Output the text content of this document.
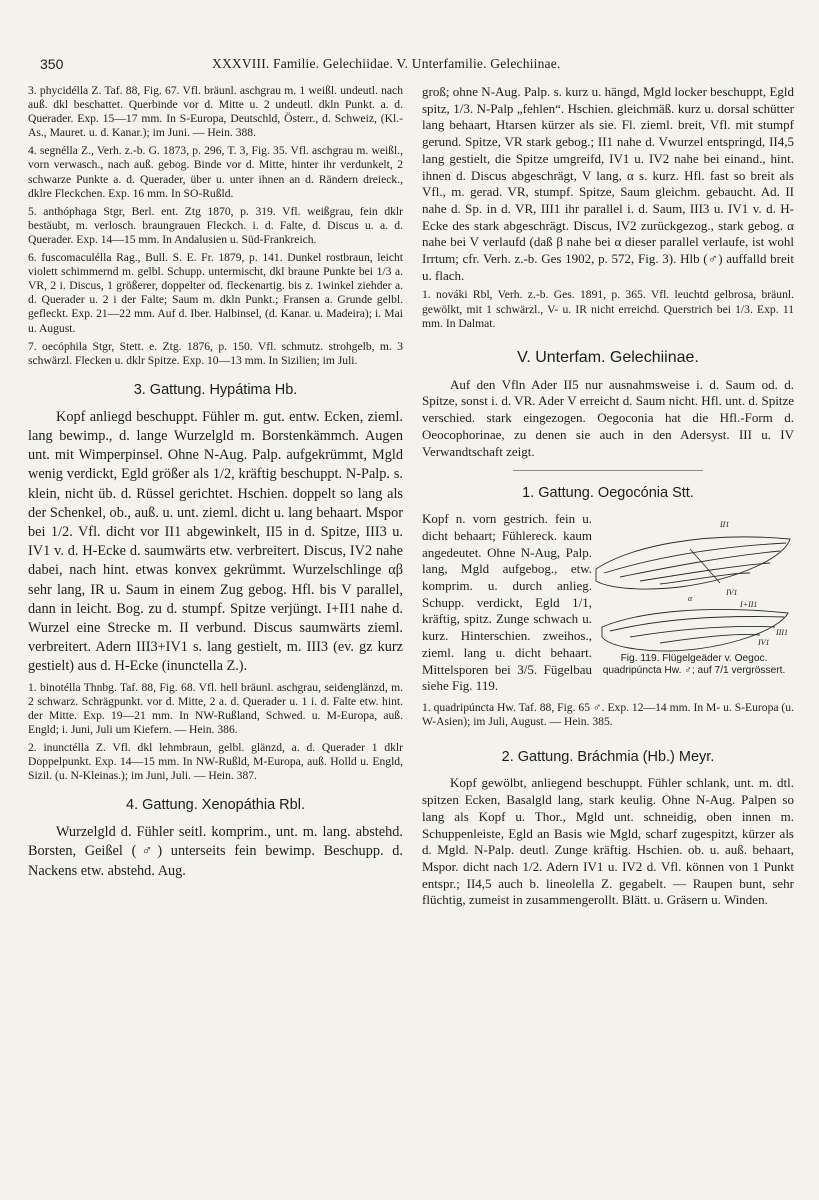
350	XXXVIII. Familie. Gelechiidae. V. Unterfamilie. Gelechiinae.

3. phycidélla Z. Taf. 88, Fig. 67. Vfl. bräunl. aschgrau m. 1 weißl. undeutl. nach auß. dkl beschattet. Querbinde vor d. Mitte u. 2 undeutl. dkln Punkt. a. d. Querader. Exp. 15—17 mm. In S-Europa, Deutschld, Österr., d. Schweiz, (Kl.-As., Mauret. u. d. Kanar.); im Juni. — Hein. 388.

4. segnélla Z., Verh. z.-b. G. 1873, p. 296, T. 3, Fig. 35. Vfl. aschgrau m. weißl., vorn verwasch., nach auß. gebog. Binde vor d. Mitte, hinter ihr verdunkelt, 2 schwarze Punkte a. d. Querader, über u. unter ihnen an d. Rändern dreieck., dklre Fleckchen. Exp. 16 mm. In SO-Rußld.

5. anthóphaga Stgr, Berl. ent. Ztg 1870, p. 319. Vfl. weißgrau, fein dklr bestäubt, m. verlosch. braungrauen Fleckch. i. d. Falte, d. Discus u. a. d. Querader. Exp. 14—15 mm. In Andalusien u. Süd-Frankreich.

6. fuscomaculélla Rag., Bull. S. E. Fr. 1879, p. 141. Dunkel rostbraun, leicht violett schimmernd m. gelbl. Schupp. untermischt, dkl braune Punkte bei 1/3 a. VR, 2 i. Discus, 1 größerer, doppelter od. fleckenartig. bis z. 1winkel ziehder a. d. Querader u. 2 i der Falte; Saum m. dkln Punkt.; Fransen a. Grunde gelbl. gefleckt. Exp. 21—22 mm. Auf d. Iber. Halbinsel, (d. Kanar. u. Madeira); i. Mai u. August.

7. oecóphila Stgr, Stett. e. Ztg. 1876, p. 150. Vfl. schmutz. strohgelb, m. 3 schwärzl. Flecken u. dklr Spitze. Exp. 10—13 mm. In Sizilien; im Juli.

3. Gattung. Hypátima Hb.

Kopf anliegd beschuppt. Fühler m. gut. entw. Ecken, zieml. lang bewimp., d. lange Wurzelgld m. Borstenkämmch. Augen unt. mit Wimperpinsel. Ohne N-Aug. Palp. aufgekrümmt, Mgld wenig verdickt, Egld größer als 1/2, kräftig beschuppt. N-Palp. s. klein, nicht üb. d. Rüssel gerichtet. Hschien. doppelt so lang als der Schenkel, ob., auß. u. unt. zieml. dicht u. lang behaart. Mspor bei 1/2. Vfl. dicht vor II1 abgewinkelt, II5 in d. Spitze, III3 u. IV1 v. d. H-Ecke d. saumwärts etw. verbreitert. Discus, IV2 nahe dabei, nach hint. etwas konvex gekrümmt. Wurzelschlinge αβ sehr lang, IR u. Saum in einem Zug gebog. Hfl. bis V parallel, dann in leicht. Bog. zu d. stumpf. Spitze verjüngt. I+II1 nahe d. Wurzel eine Strecke m. II verbund. Discus saumwärts zieml. verbreitert. Adern III3+IV1 s. lang gestielt, m. III3 (ev. gz kurz gestielt) aus d. H-Ecke (inunctella Z.).

1. binotélla Thnbg. Taf. 88, Fig. 68. Vfl. hell bräunl. aschgrau, seidenglänzd, m. 2 schwarz. Schrägpunkt. vor d. Mitte, 2 a. d. Querader u. 1 i. d. Falte etw. hint. der Mitte. Exp. 19—21 mm. In NW-Rußland, Schwed. u. M-Europa, auß. Engld; i. Juni, Juli um Kiefern. — Hein. 386.

2. inunctélla Z. Vfl. dkl lehmbraun, gelbl. glänzd, a. d. Querader 1 dklr Doppelpunkt. Exp. 14—15 mm. In NW-Rußld, M-Europa, auß. Holld u. Engld, Sizil. (u. N-Kleinas.); im Juni, Juli. — Hein. 387.

4. Gattung. Xenopáthia Rbl.

Wurzelgld d. Fühler seitl. komprim., unt. m. lang. abstehd. Borsten, Geißel (♂) unterseits fein bewimp. Beschupp. d. Nackens etw. abstehd. Aug.

groß; ohne N-Aug. Palp. s. kurz u. hängd, Mgld locker beschuppt, Egld spitz, 1/3. N-Palp „fehlen“. Hschien. gleichmäß. kurz u. dorsal schütter lang behaart, Htarsen kürzer als sie. Fl. zieml. breit, Vfl. mit stumpf gerund. Spitze, VR stark gebog.; II1 nahe d. Vwurzel entspringd, II4,5 lang gestielt, die Spitze umgreifd, IV1 u. IV2 nahe bei einand., hint. ihnen d. Discus abgeschrägt, V lang, α s. kurz. Hfl. fast so breit als Vfl., m. gerad. VR, stumpf. Spitze, Saum gleichm. gebaucht. Ad. II nahe d. Sp. in d. VR, III1 ihr parallel i. d. Saum, III3 u. IV1 v. d. H-Ecke des stark abgeschrägt. Discus, IV2 zurückgezog., stark gebog. α nahe bei V verlaufd (daß β nahe bei α dieser parallel verlaufe, ist wohl Irrtum; cfr. Verh. z.-b. Ges 1902, p. 572, Fig. 3). Hlb (♂) auffalld breit u. flach.

1. nováki Rbl, Verh. z.-b. Ges. 1891, p. 365. Vfl. leuchtd gelbrosa, bräunl. gewölkt, mit 1 schwärzl., V- u. IR nicht erreichd. Querstrich bei 1/3. Exp. 11 mm. In Dalmat.

V. Unterfam. Gelechiinae.

Auf den Vfln Ader II5 nur ausnahmsweise i. d. Saum od. d. Spitze, sonst i. d. VR. Ader V erreicht d. Saum nicht. Hfl. unt. d. Spitze verschied. stark eingezogen. Oegoconia hat die Hfl.-Form d. Oeocophorinae, zu denen sie auch in den Adersyst. III u. IV Verwandtschaft zeigt.

1. Gattung. Oegocónia Stt.

Kopf n. vorn gestrich. fein u. dicht behaart; Fühlereck. kaum angedeutet. Ohne N-Aug, Palp. lang, Mgld aufgebog., etw. komprim. u. durch anlieg. Schupp. verdickt, Egld 1/1, kräftig, spitz. Zunge schwach u. kurz. Hinterschien. zweihos., zieml. lang u. dicht behaart. Mittelsporen bei 3/5. Fügelbau siehe Fig. 119.

II1
α
IV1
I+II1
IV1
III1
Fig. 119. Flügelgeäder v. Oegoc. quadripúncta Hw. ♂; auf 7/1 vergrössert.

1. quadripúncta Hw. Taf. 88, Fig. 65 ♂. Exp. 12—14 mm. In M- u. S-Europa (u. W-Asien); im Juli, August. — Hein. 385.

2. Gattung. Bráchmia (Hb.) Meyr.

Kopf gewölbt, anliegend beschuppt. Fühler schlank, unt. m. dtl. spitzen Ecken, Basalgld lang, stark keulig. Ohne N-Aug. Palpen so lang als Kopf u. Thor., Mgld unt. schneidig, oben innen m. Schuppenleiste, Egld an Basis wie Mgld, scharf zugespitzt, kürzer als d. Mgld. N-Palp. deutl. Zunge kräftig. Hschien. ob. u. auß. behaart, Mspor. dicht nach 1/2. Adern IV1 u. IV2 d. Vfl. können von 1 Punkt entspr.; II4,5 auch b. lineolella Z. gegabelt. — Raupen bunt, sehr flüchtig, zumeist in zusammengerollt. Blätt. u. Gräsern u. Winden.
